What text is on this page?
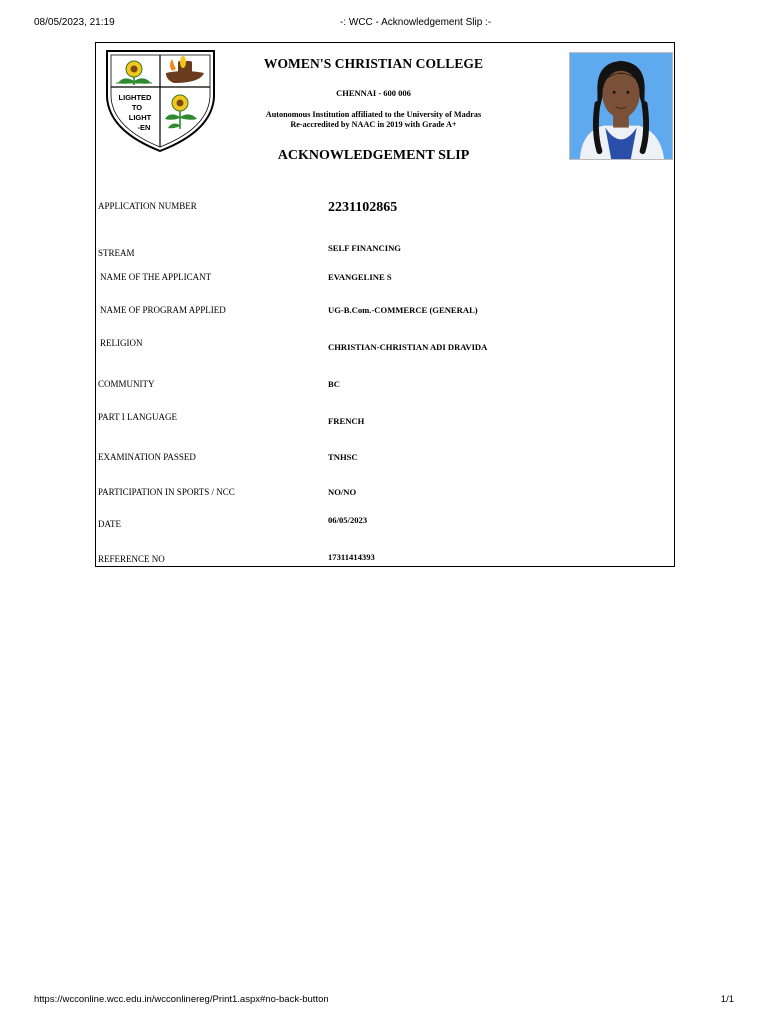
08/05/2023, 21:19	-: WCC - Acknowledgement Slip :-
LIGHTED
TO
LIGHT
-EN
WOMEN'S CHRISTIAN COLLEGE
CHENNAI - 600 006
Autonomous Institution affiliated to the University of Madras
Re-accredited by NAAC in 2019 with Grade A+
ACKNOWLEDGEMENT SLIP
APPLICATION NUMBER	2231102865
STREAM	SELF FINANCING
NAME OF THE APPLICANT	EVANGELINE S
NAME OF PROGRAM APPLIED	UG-B.Com.-COMMERCE (GENERAL)
RELIGION	CHRISTIAN-CHRISTIAN ADI DRAVIDA
COMMUNITY	BC
PART I LANGUAGE	FRENCH
EXAMINATION PASSED	TNHSC
PARTICIPATION IN SPORTS / NCC	NO/NO
DATE	06/05/2023
REFERENCE NO	17311414393
https://wcconline.wcc.edu.in/wcconlinereg/Print1.aspx#no-back-button	1/1
